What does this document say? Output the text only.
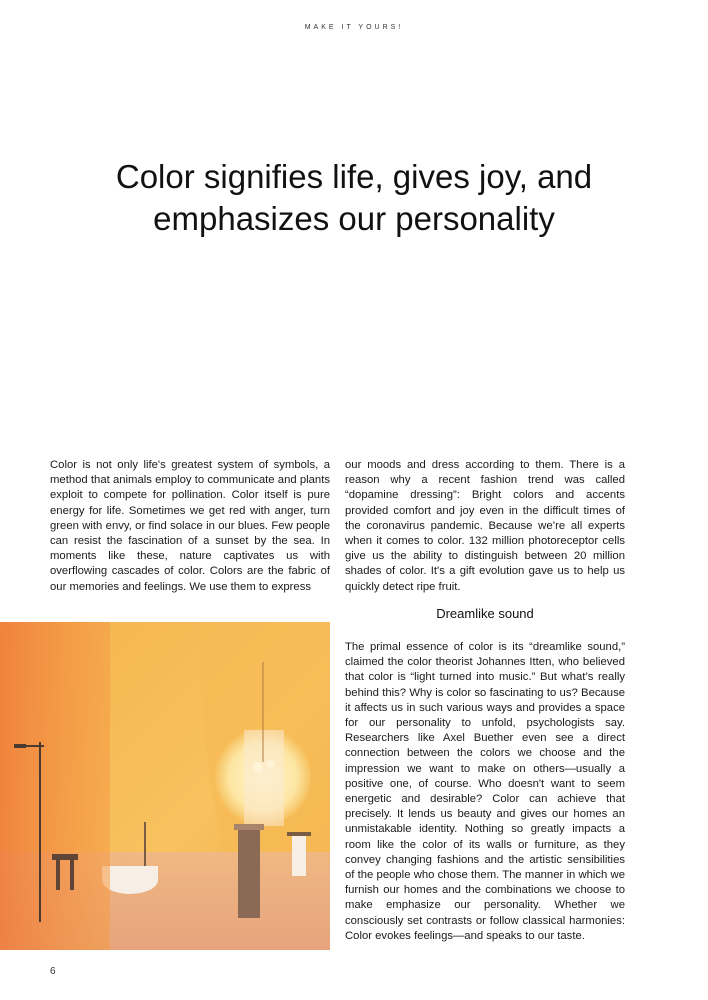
MAKE IT YOURS!
Color signifies life, gives joy, and emphasizes our personality

Color is not only life's greatest system of symbols, a method that animals employ to communicate and plants exploit to compete for pollination. Color itself is pure energy for life. Sometimes we get red with anger, turn green with envy, or find solace in our blues. Few people can resist the fascination of a sunset by the sea. In moments like these, nature captivates us with overflowing cascades of color. Colors are the fabric of our memories and feelings. We use them to express

our moods and dress according to them. There is a reason why a recent fashion trend was called “dopamine dressing”: Bright colors and accents provided comfort and joy even in the difficult times of the coronavirus pandemic. Because we’re all experts when it comes to color. 132 million photoreceptor cells give us the ability to distinguish between 20 million shades of color. It's a gift evolution gave us to help us quickly detect ripe fruit.

Dreamlike sound

The primal essence of color is its “dreamlike sound,” claimed the color theorist Johannes Itten, who believed that color is “light turned into music.” But what’s really behind this? Why is color so fascinating to us? Because it affects us in such various ways and provides a space for our personality to unfold, psychologists say. Researchers like Axel Buether even see a direct connection between the colors we choose and the impression we want to make on others—usually a positive one, of course. Who doesn't want to seem energetic and desirable? Color can achieve that precisely. It lends us beauty and gives our homes an unmistakable identity. Nothing so greatly impacts a room like the color of its walls or furniture, as they convey changing fashions and the artistic sensibilities of the people who chose them. The manner in which we furnish our homes and the combinations we choose to make emphasize our personality. Whether we consciously set contrasts or follow classical harmonies: Color evokes feelings—and speaks to our taste.

6
